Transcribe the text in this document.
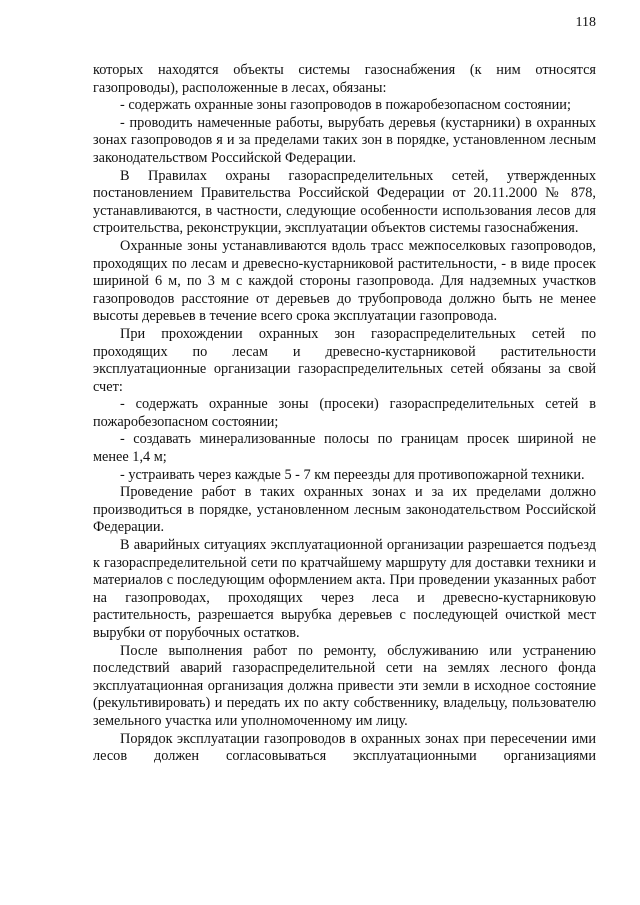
118

которых находятся объекты системы газоснабжения (к ним относятся газопроводы), расположенные в лесах, обязаны:

- содержать охранные зоны газопроводов в пожаробезопасном состоянии;

- проводить намеченные работы, вырубать деревья (кустарники) в охранных зонах газопроводов я и за пределами таких зон в порядке, установленном лесным законодательством Российской Федерации.

В Правилах охраны газораспределительных сетей, утвержденных постановлением Правительства Российской Федерации от 20.11.2000 № 878, устанавливаются, в частности, следующие особенности использования лесов для строительства, реконструкции, эксплуатации объектов системы газоснабжения.

Охранные зоны устанавливаются вдоль трасс межпоселковых газопроводов, проходящих по лесам и древесно-кустарниковой растительности, - в виде просек шириной 6 м, по 3 м с каждой стороны газопровода. Для надземных участков газопроводов расстояние от деревьев до трубопровода должно быть не менее высоты деревьев в течение всего срока эксплуатации газопровода.

При прохождении охранных зон газораспределительных сетей по проходящих по лесам и древесно-кустарниковой растительности эксплуатационные организации газораспределительных сетей обязаны за свой счет:

- содержать охранные зоны (просеки) газораспределительных сетей в пожаробезопасном состоянии;

- создавать минерализованные полосы по границам просек шириной не менее 1,4 м;

- устраивать через каждые 5 - 7 км переезды для противопожарной техники.

Проведение работ в таких охранных зонах и за их пределами должно производиться в порядке, установленном лесным законодательством Российской Федерации.

В аварийных ситуациях эксплуатационной организации разрешается подъезд к газораспределительной сети по кратчайшему маршруту для доставки техники и материалов с последующим оформлением акта. При проведении указанных работ на газопроводах, проходящих через леса и древесно-кустарниковую растительность, разрешается вырубка деревьев с последующей очисткой мест вырубки от порубочных остатков.

После выполнения работ по ремонту, обслуживанию или устранению последствий аварий газораспределительной сети на землях лесного фонда эксплуатационная организация должна привести эти земли в исходное состояние (рекультивировать) и передать их по акту собственнику, владельцу, пользователю земельного участка или уполномоченному им лицу.

Порядок эксплуатации газопроводов в охранных зонах при пересечении ими лесов должен согласовываться эксплуатационными организациями
